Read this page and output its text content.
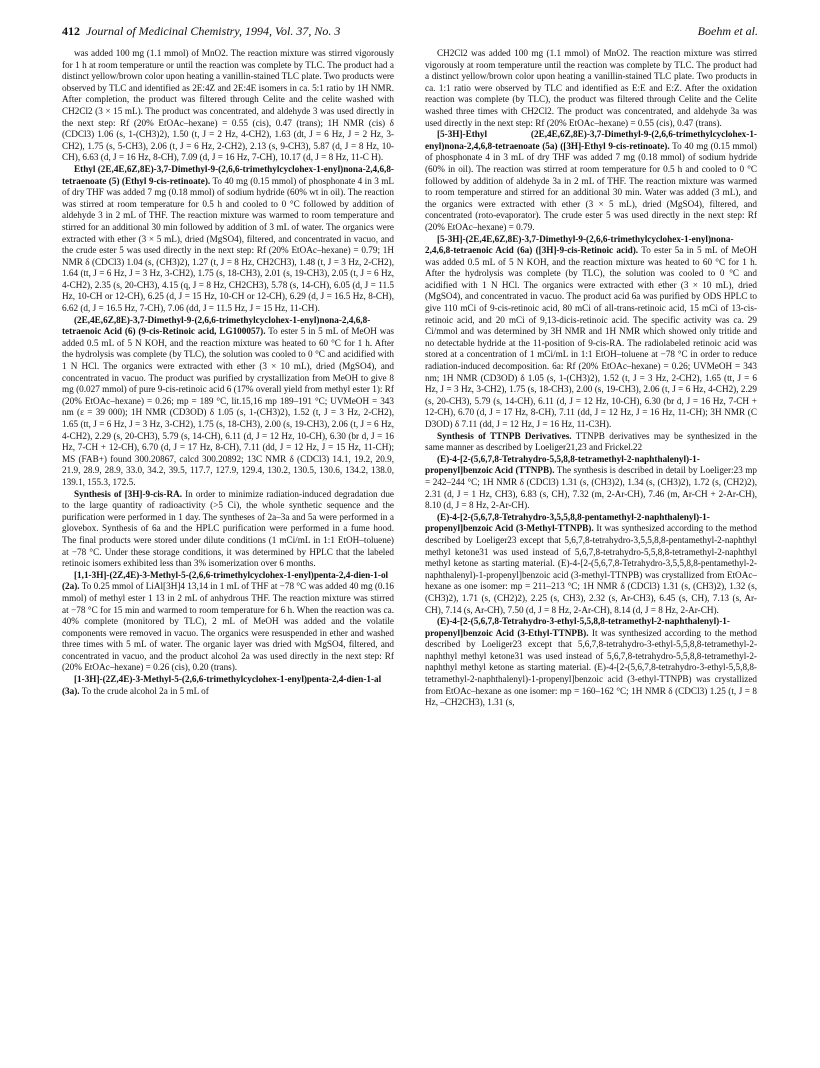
412 Journal of Medicinal Chemistry, 1994, Vol. 37, No. 3	Boehm et al.

was added 100 mg (1.1 mmol) of MnO2. The reaction mixture was stirred vigorously for 1 h at room temperature or until the reaction was complete by TLC. The product had a distinct yellow/brown color upon heating a vanillin-stained TLC plate. Two products were observed by TLC and identified as 2E:4Z and 2E:4E isomers in ca. 5:1 ratio by 1H NMR. After completion, the product was filtered through Celite and the celite washed with CH2Cl2 (3 × 15 mL). The product was concentrated, and aldehyde 3 was used directly in the next step: Rf (20% EtOAc–hexane) = 0.55 (cis), 0.47 (trans); 1H NMR (cis) δ (CDCl3) 1.06 (s, 1-(CH3)2), 1.50 (t, J = 2 Hz, 4-CH2), 1.63 (dt, J = 6 Hz, J = 2 Hz, 3-CH2), 1.75 (s, 5-CH3), 2.06 (t, J = 6 Hz, 2-CH2), 2.13 (s, 9-CH3), 5.87 (d, J = 8 Hz, 10-CH), 6.63 (d, J = 16 Hz, 8-CH), 7.09 (d, J = 16 Hz, 7-CH), 10.17 (d, J = 8 Hz, 11-C H).

Ethyl (2E,4E,6Z,8E)-3,7-Dimethyl-9-(2,6,6-trimethylcyclohex-1-enyl)nona-2,4,6,8-tetraenoate (5) (Ethyl 9-cis-retinoate). To 40 mg (0.15 mmol) of phosphonate 4 in 3 mL of dry THF was added 7 mg (0.18 mmol) of sodium hydride (60% wt in oil). The reaction was stirred at room temperature for 0.5 h and cooled to 0 °C followed by addition of aldehyde 3 in 2 mL of THF. The reaction mixture was warmed to room temperature and stirred for an additional 30 min followed by addition of 3 mL of water. The organics were extracted with ether (3 × 5 mL), dried (MgSO4), filtered, and concentrated in vacuo, and the crude ester 5 was used directly in the next step: Rf (20% EtOAc–hexane) = 0.79; 1H NMR δ (CDCl3) 1.04 (s, (CH3)2), 1.27 (t, J = 8 Hz, CH2CH3), 1.48 (t, J = 3 Hz, 2-CH2), 1.64 (tt, J = 6 Hz, J = 3 Hz, 3-CH2), 1.75 (s, 18-CH3), 2.01 (s, 19-CH3), 2.05 (t, J = 6 Hz, 4-CH2), 2.35 (s, 20-CH3), 4.15 (q, J = 8 Hz, CH2CH3), 5.78 (s, 14-CH), 6.05 (d, J = 11.5 Hz, 10-CH or 12-CH), 6.25 (d, J = 15 Hz, 10-CH or 12-CH), 6.29 (d, J = 16.5 Hz, 8-CH), 6.62 (d, J = 16.5 Hz, 7-CH), 7.06 (dd, J = 11.5 Hz, J = 15 Hz, 11-CH).

(2E,4E,6Z,8E)-3,7-Dimethyl-9-(2,6,6-trimethylcyclohex-1-enyl)nona-2,4,6,8-tetraenoic Acid (6) (9-cis-Retinoic acid, LG100057). To ester 5 in 5 mL of MeOH was added 0.5 mL of 5 N KOH, and the reaction mixture was heated to 60 °C for 1 h. After the hydrolysis was complete (by TLC), the solution was cooled to 0 °C and acidified with 1 N HCl. The organics were extracted with ether (3 × 10 mL), dried (MgSO4), and concentrated in vacuo. The product was purified by crystallization from MeOH to give 8 mg (0.027 mmol) of pure 9-cis-retinoic acid 6 (17% overall yield from methyl ester 1): Rf (20% EtOAc–hexane) = 0.26; mp = 189 °C, lit.15,16 mp 189–191 °C; UVMeOH = 343 nm (ε = 39 000); 1H NMR (CD3OD) δ 1.05 (s, 1-(CH3)2), 1.52 (t, J = 3 Hz, 2-CH2), 1.65 (tt, J = 6 Hz, J = 3 Hz, 3-CH2), 1.75 (s, 18-CH3), 2.00 (s, 19-CH3), 2.06 (t, J = 6 Hz, 4-CH2), 2.29 (s, 20-CH3), 5.79 (s, 14-CH), 6.11 (d, J = 12 Hz, 10-CH), 6.30 (br d, J = 16 Hz, 7-CH + 12-CH), 6.70 (d, J = 17 Hz, 8-CH), 7.11 (dd, J = 12 Hz, J = 15 Hz, 11-CH); MS (FAB+) found 300.20867, calcd 300.20892; 13C NMR δ (CDCl3) 14.1, 19.2, 20.9, 21.9, 28.9, 28.9, 33.0, 34.2, 39.5, 117.7, 127.9, 129.4, 130.2, 130.5, 130.6, 134.2, 138.0, 139.1, 155.3, 172.5.

Synthesis of [3H]-9-cis-RA. In order to minimize radiation-induced degradation due to the large quantity of radioactivity (>5 Ci), the whole synthetic sequence and the purification were performed in 1 day. The syntheses of 2a–3a and 5a were performed in a glovebox. Synthesis of 6a and the HPLC purification were performed in a fume hood. The final products were stored under dilute conditions (1 mCi/mL in 1:1 EtOH–toluene) at −78 °C. Under these storage conditions, it was determined by HPLC that the labeled retinoic isomers exhibited less than 3% isomerization over 6 months.

[1,1-3H]-(2Z,4E)-3-Methyl-5-(2,6,6-trimethylcyclohex-1-enyl)penta-2,4-dien-1-ol (2a). To 0.25 mmol of LiAl[3H]4 13,14 in 1 mL of THF at −78 °C was added 40 mg (0.16 mmol) of methyl ester 1 13 in 2 mL of anhydrous THF. The reaction mixture was stirred at −78 °C for 15 min and warmed to room temperature for 6 h. When the reaction was ca. 40% complete (monitored by TLC), 2 mL of MeOH was added and the volatile components were removed in vacuo. The organics were resuspended in ether and washed three times with 5 mL of water. The organic layer was dried with MgSO4, filtered, and concentrated in vacuo, and the product alcohol 2a was used directly in the next step: Rf (20% EtOAc–hexane) = 0.26 (cis), 0.20 (trans).

[1-3H]-(2Z,4E)-3-Methyl-5-(2,6,6-trimethylcyclohex-1-enyl)penta-2,4-dien-1-al (3a). To the crude alcohol 2a in 5 mL of

CH2Cl2 was added 100 mg (1.1 mmol) of MnO2. The reaction mixture was stirred vigorously at room temperature until the reaction was complete by TLC. The product had a distinct yellow/brown color upon heating a vanillin-stained TLC plate. Two products in ca. 1:1 ratio were observed by TLC and identified as E:E and E:Z. After the oxidation reaction was complete (by TLC), the product was filtered through Celite and the Celite washed three times with CH2Cl2. The product was concentrated, and aldehyde 3a was used directly in the next step: Rf (20% EtOAc–hexane) = 0.55 (cis), 0.47 (trans).

[5-3H]-Ethyl (2E,4E,6Z,8E)-3,7-Dimethyl-9-(2,6,6-trimethylcyclohex-1-enyl)nona-2,4,6,8-tetraenoate (5a) ([3H]-Ethyl 9-cis-retinoate). To 40 mg (0.15 mmol) of phosphonate 4 in 3 mL of dry THF was added 7 mg (0.18 mmol) of sodium hydride (60% in oil). The reaction was stirred at room temperature for 0.5 h and cooled to 0 °C followed by addition of aldehyde 3a in 2 mL of THF. The reaction mixture was warmed to room temperature and stirred for an additional 30 min. Water was added (3 mL), and the organics were extracted with ether (3 × 5 mL), dried (MgSO4), filtered, and concentrated (roto-evaporator). The crude ester 5 was used directly in the next step: Rf (20% EtOAc–hexane) = 0.79.

[5-3H]-(2E,4E,6Z,8E)-3,7-Dimethyl-9-(2,6,6-trimethylcyclohex-1-enyl)nona-2,4,6,8-tetraenoic Acid (6a) ([3H]-9-cis-Retinoic acid). To ester 5a in 5 mL of MeOH was added 0.5 mL of 5 N KOH, and the reaction mixture was heated to 60 °C for 1 h. After the hydrolysis was complete (by TLC), the solution was cooled to 0 °C and acidified with 1 N HCl. The organics were extracted with ether (3 × 10 mL), dried (MgSO4), and concentrated in vacuo. The product acid 6a was purified by ODS HPLC to give 110 mCi of 9-cis-retinoic acid, 80 mCi of all-trans-retinoic acid, 15 mCi of 13-cis-retinoic acid, and 20 mCi of 9,13-dicis-retinoic acid. The specific activity was ca. 29 Ci/mmol and was determined by 3H NMR and 1H NMR which showed only tritide and no detectable hydride at the 11-position of 9-cis-RA. The radiolabeled retinoic acid was stored at a concentration of 1 mCi/mL in 1:1 EtOH–toluene at −78 °C in order to reduce radiation-induced decomposition. 6a: Rf (20% EtOAc–hexane) = 0.26; UVMeOH = 343 nm; 1H NMR (CD3OD) δ 1.05 (s, 1-(CH3)2), 1.52 (t, J = 3 Hz, 2-CH2), 1.65 (tt, J = 6 Hz, J = 3 Hz, 3-CH2), 1.75 (s, 18-CH3), 2.00 (s, 19-CH3), 2.06 (t, J = 6 Hz, 4-CH2), 2.29 (s, 20-CH3), 5.79 (s, 14-CH), 6.11 (d, J = 12 Hz, 10-CH), 6.30 (br d, J = 16 Hz, 7-CH + 12-CH), 6.70 (d, J = 17 Hz, 8-CH), 7.11 (dd, J = 12 Hz, J = 16 Hz, 11-CH); 3H NMR (C D3OD) δ 7.11 (dd, J = 12 Hz, J = 16 Hz, 11-C3H).

Synthesis of TTNPB Derivatives. TTNPB derivatives may be synthesized in the same manner as described by Loeliger21,23 and Frickel.22

(E)-4-[2-(5,6,7,8-Tetrahydro-5,5,8,8-tetramethyl-2-naphthalenyl)-1-propenyl]benzoic Acid (TTNPB). The synthesis is described in detail by Loeliger:23 mp = 242–244 °C; 1H NMR δ (CDCl3) 1.31 (s, (CH3)2), 1.34 (s, (CH3)2), 1.72 (s, (CH2)2), 2.31 (d, J = 1 Hz, CH3), 6.83 (s, CH), 7.32 (m, 2-Ar-CH), 7.46 (m, Ar-CH + 2-Ar-CH), 8.10 (d, J = 8 Hz, 2-Ar-CH).

(E)-4-[2-(5,6,7,8-Tetrahydro-3,5,5,8,8-pentamethyl-2-naphthalenyl)-1-propenyl]benzoic Acid (3-Methyl-TTNPB). It was synthesized according to the method described by Loeliger23 except that 5,6,7,8-tetrahydro-3,5,5,8,8-pentamethyl-2-naphthyl methyl ketone31 was used instead of 5,6,7,8-tetrahydro-5,5,8,8-tetramethyl-2-naphthyl methyl ketone as starting material. (E)-4-[2-(5,6,7,8-Tetrahydro-3,5,5,8,8-pentamethyl-2-naphthalenyl)-1-propenyl]benzoic acid (3-methyl-TTNPB) was crystallized from EtOAc–hexane as one isomer: mp = 211–213 °C; 1H NMR δ (CDCl3) 1.31 (s, (CH3)2), 1.32 (s, (CH3)2), 1.71 (s, (CH2)2), 2.25 (s, CH3), 2.32 (s, Ar-CH3), 6.45 (s, CH), 7.13 (s, Ar-CH), 7.14 (s, Ar-CH), 7.50 (d, J = 8 Hz, 2-Ar-CH), 8.14 (d, J = 8 Hz, 2-Ar-CH).

(E)-4-[2-(5,6,7,8-Tetrahydro-3-ethyl-5,5,8,8-tetramethyl-2-naphthalenyl)-1-propenyl]benzoic Acid (3-Ethyl-TTNPB). It was synthesized according to the method described by Loeliger23 except that 5,6,7,8-tetrahydro-3-ethyl-5,5,8,8-tetramethyl-2-naphthyl methyl ketone31 was used instead of 5,6,7,8-tetrahydro-5,5,8,8-tetramethyl-2-naphthyl methyl ketone as starting material. (E)-4-[2-(5,6,7,8-tetrahydro-3-ethyl-5,5,8,8-tetramethyl-2-naphthalenyl)-1-propenyl]benzoic acid (3-ethyl-TTNPB) was crystallized from EtOAc–hexane as one isomer: mp = 160–162 °C; 1H NMR δ (CDCl3) 1.25 (t, J = 8 Hz, –CH2CH3), 1.31 (s,
